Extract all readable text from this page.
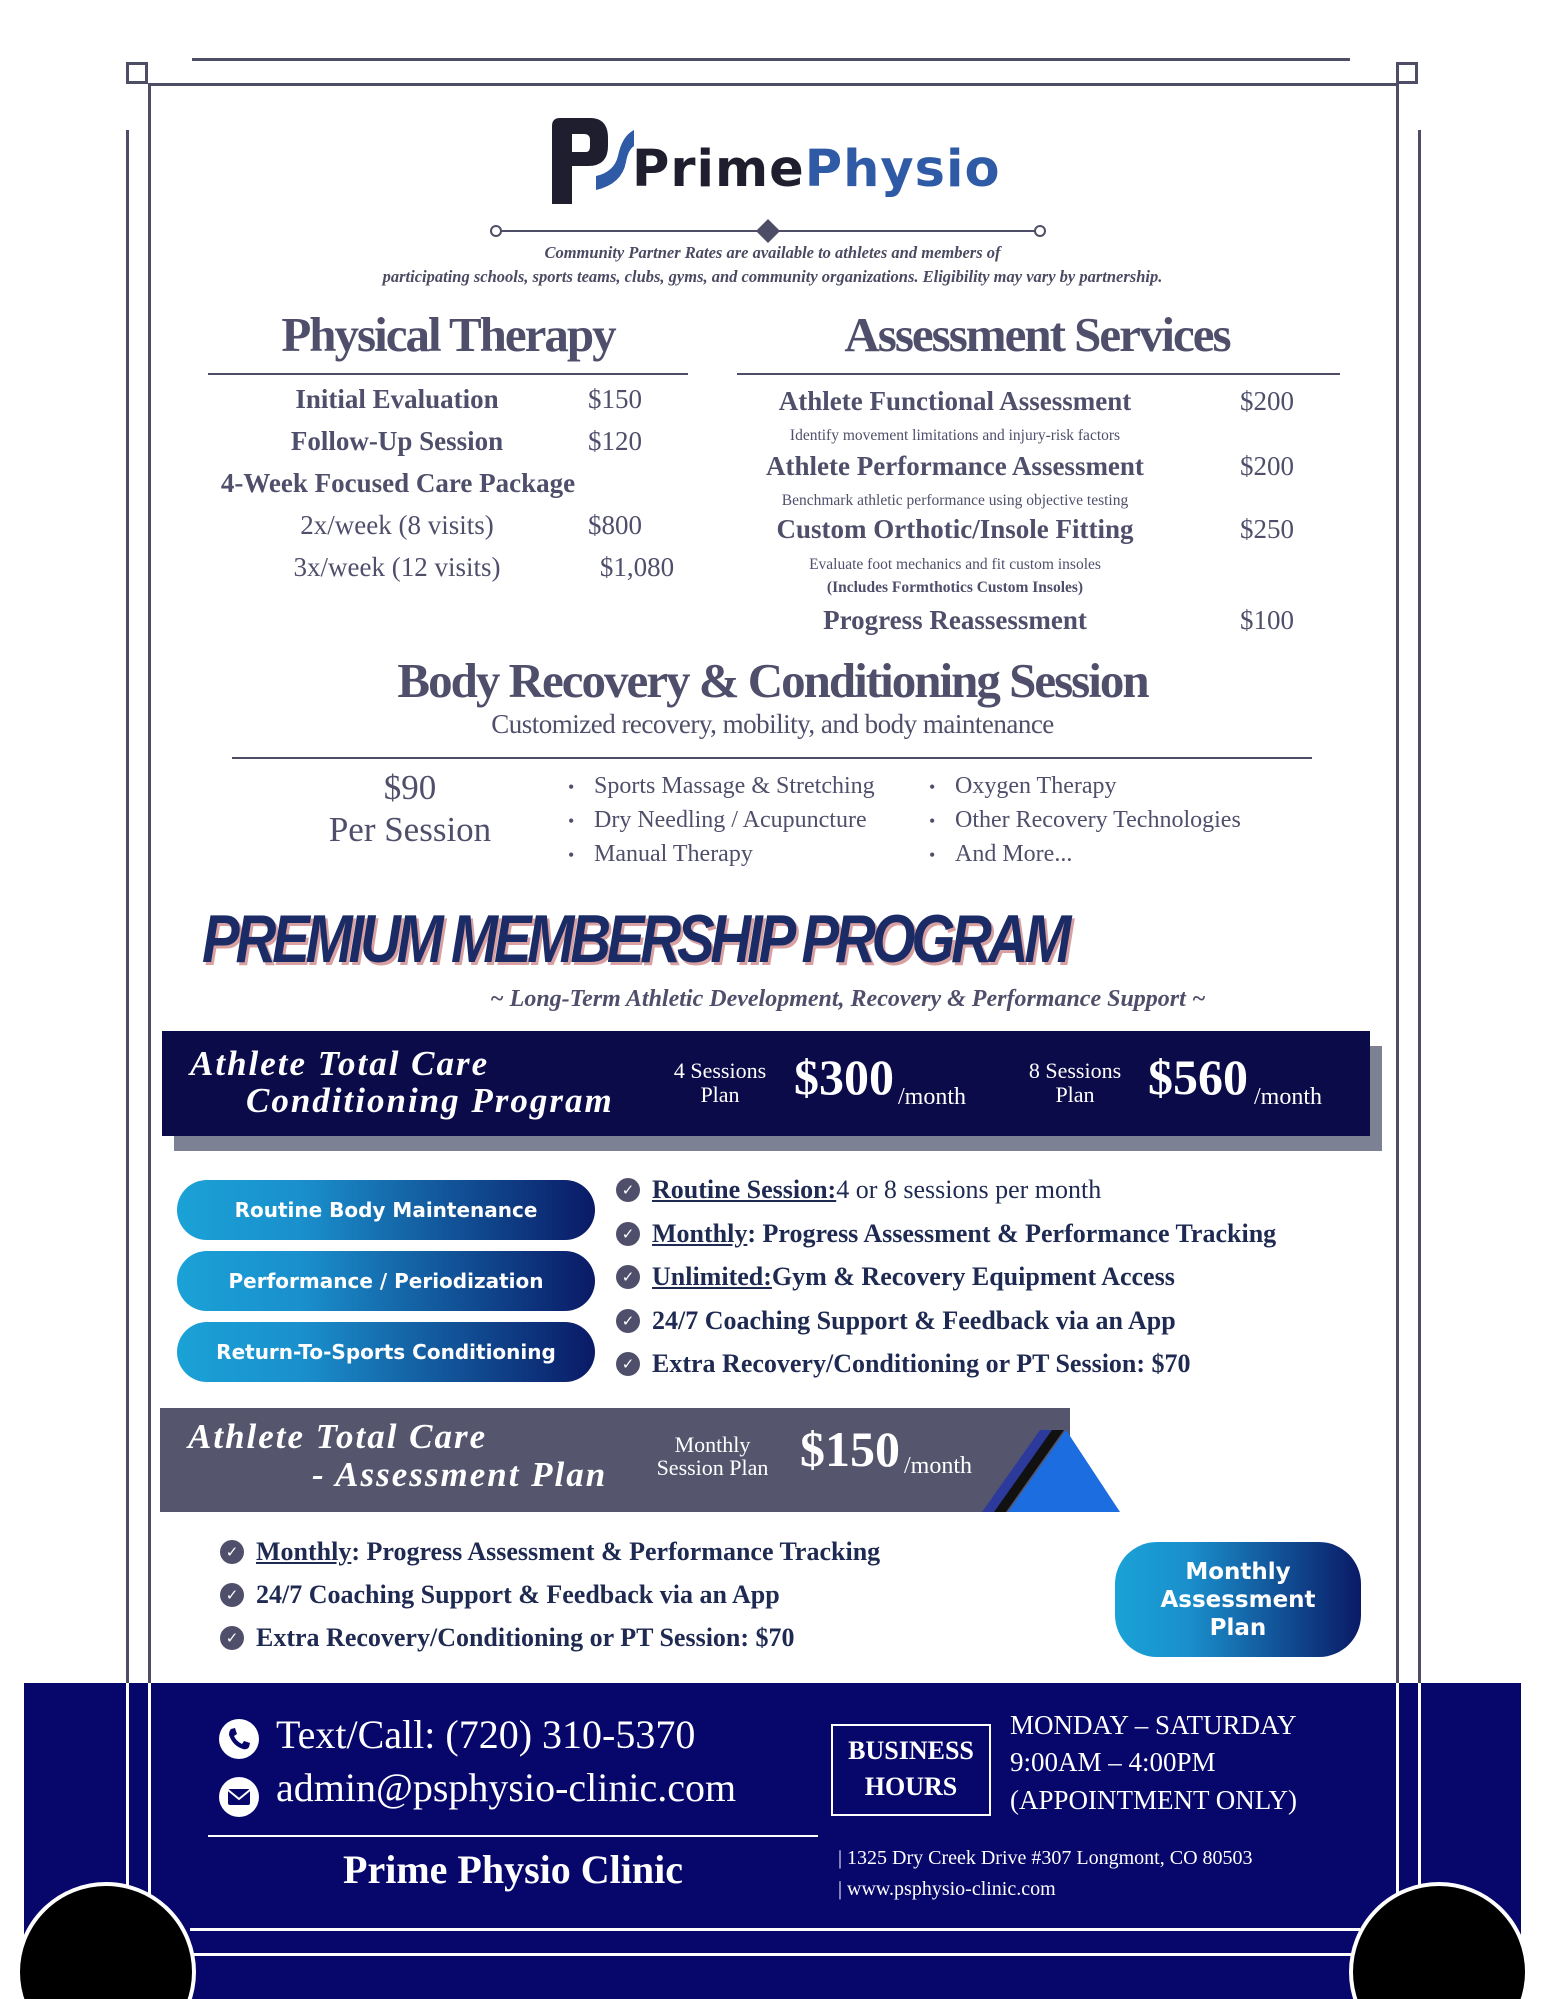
PrimePhysio
Community Partner Rates are available to athletes and members of
participating schools, sports teams, clubs, gyms, and community organizations. Eligibility may vary by partnership.
Physical Therapy
Initial Evaluation	$150
Follow-Up Session	$120
4-Week Focused Care Package
2x/week (8 visits)	$800
3x/week (12 visits)	$1,080
Assessment Services
Athlete Functional Assessment	$200
Identify movement limitations and injury-risk factors
Athlete Performance Assessment	$200
Benchmark athletic performance using objective testing
Custom Orthotic/Insole Fitting	$250
Evaluate foot mechanics and fit custom insoles
(Includes Formthotics Custom Insoles)
Progress Reassessment	$100
Body Recovery & Conditioning Session
Customized recovery, mobility, and body maintenance
$90
Per Session
• Sports Massage & Stretching
• Dry Needling / Acupuncture
• Manual Therapy
• Oxygen Therapy
• Other Recovery Technologies
• And More...
PREMIUM MEMBERSHIP PROGRAM
~ Long-Term Athletic Development, Recovery & Performance Support ~
Athlete Total Care
Conditioning Program
4 Sessions
Plan	$300 /month
8 Sessions
Plan	$560 /month
Routine Body Maintenance
Performance / Periodization
Return-To-Sports Conditioning
✓ Routine Session: 4 or 8 sessions per month
✓ Monthly : Progress Assessment & Performance Tracking
✓ Unlimited: Gym & Recovery Equipment Access
✓ 24/7 Coaching Support & Feedback via an App
✓ Extra Recovery/Conditioning or PT Session: $70
Athlete Total Care
- Assessment Plan
Monthly
Session Plan $150 /month
✓ Monthly : Progress Assessment & Performance Tracking
✓ 24/7 Coaching Support & Feedback via an App
✓ Extra Recovery/Conditioning or PT Session: $70
Monthly Assessment Plan
Text/Call: (720) 310-5370
admin@psphysio-clinic.com
BUSINESS
HOURS
MONDAY – SATURDAY
9:00AM – 4:00PM
(APPOINTMENT ONLY)
Prime Physio Clinic	| 1325 Dry Creek Drive #307 Longmont, CO 80503
| www.psphysio-clinic.com
